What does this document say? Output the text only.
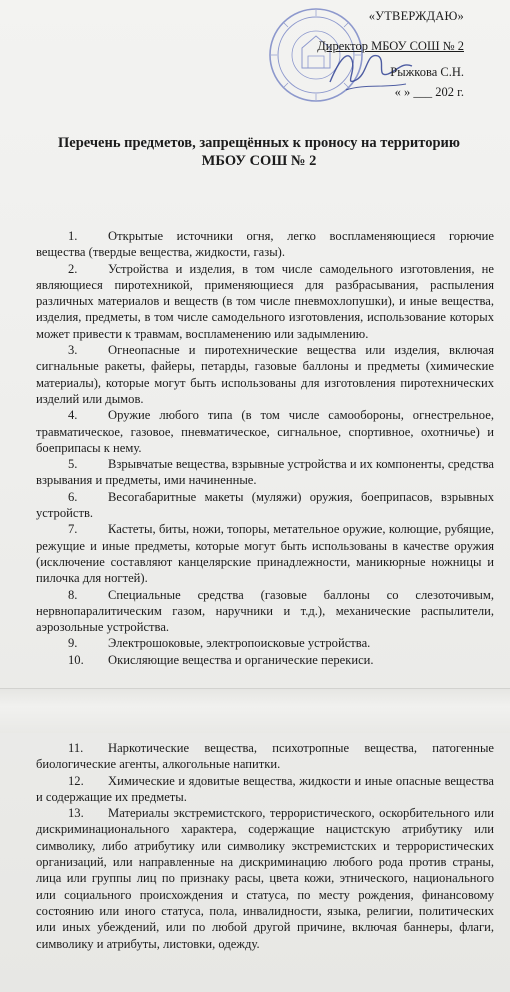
«УТВЕРЖДАЮ»
Директор МБОУ СОШ № 2
Рыжкова С.Н.
« » ___ 202 г.
Перечень предметов, запрещённых к проносу на территорию
МБОУ СОШ № 2

1. Открытые источники огня, легко воспламеняющиеся горючие вещества (твердые вещества, жидкости, газы).

2. Устройства и изделия, в том числе самодельного изготовления, не являющиеся пиротехникой, применяющиеся для разбрасывания, распыления различных материалов и веществ (в том числе пневмохлопушки), и иные вещества, изделия, предметы, в том числе самодельного изготовления, использование которых может привести к травмам, воспламенению или задымлению.

3. Огнеопасные и пиротехнические вещества или изделия, включая сигнальные ракеты, файеры, петарды, газовые баллоны и предметы (химические материалы), которые могут быть использованы для изготовления пиротехнических изделий или дымов.

4. Оружие любого типа (в том числе самообороны, огнестрельное, травматическое, газовое, пневматическое, сигнальное, спортивное, охотничье) и боеприпасы к нему.

5. Взрывчатые вещества, взрывные устройства и их компоненты, средства взрывания и предметы, ими начиненные.

6. Весогабаритные макеты (муляжи) оружия, боеприпасов, взрывных устройств.

7. Кастеты, биты, ножи, топоры, метательное оружие, колющие, рубящие, режущие и иные предметы, которые могут быть использованы в качестве оружия (исключение составляют канцелярские принадлежности, маникюрные ножницы и пилочка для ногтей).

8. Специальные средства (газовые баллоны со слезоточивым, нервнопаралитическим газом, наручники и т.д.), механические распылители, аэрозольные устройства.

9. Электрошоковые, электропоисковые устройства.

10. Окисляющие вещества и органические перекиси.

11. Наркотические вещества, психотропные вещества, патогенные биологические агенты, алкогольные напитки.

12. Химические и ядовитые вещества, жидкости и иные опасные вещества и содержащие их предметы.

13. Материалы экстремистского, террористического, оскорбительного или дискриминационального характера, содержащие нацистскую атрибутику или символику, либо атрибутику или символику экстремистских и террористических организаций, или направленные на дискриминацию любого рода против страны, лица или группы лиц по признаку расы, цвета кожи, этнического, национального или социального происхождения и статуса, по месту рождения, финансовому состоянию или иного статуса, пола, инвалидности, языка, религии, политических или иных убеждений, или по любой другой причине, включая баннеры, флаги, символику и атрибуты, листовки, одежду.
